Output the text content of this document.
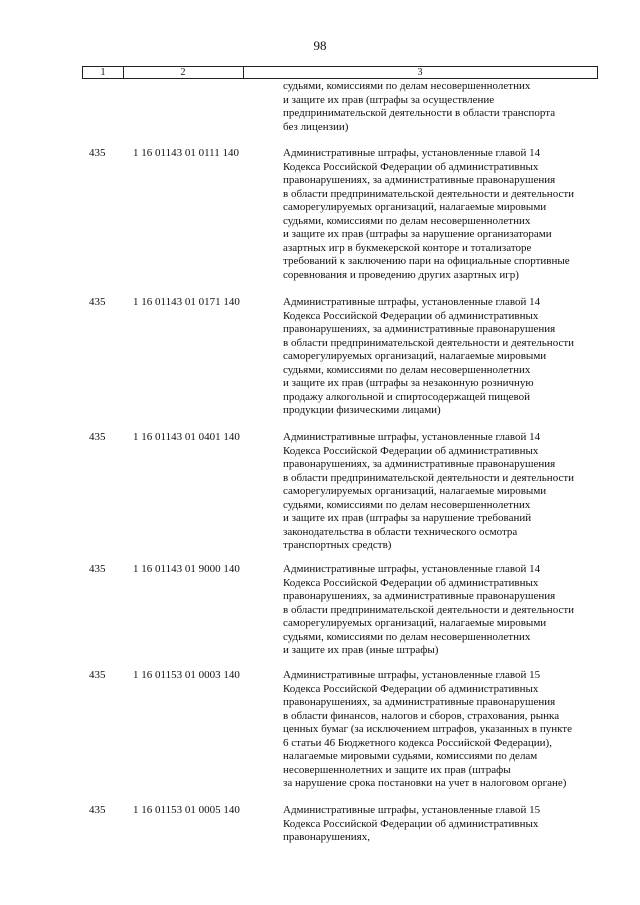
98
1	2	3
судьями, комиссиями по делам несовершеннолетних
и защите их прав (штрафы за осуществление
предпринимательской деятельности в области транспорта
без лицензии)
435	1 16 01143 01 0111 140	Административные штрафы, установленные главой 14
Кодекса Российской Федерации об административных
правонарушениях, за административные правонарушения
в области предпринимательской деятельности и деятельности
саморегулируемых организаций, налагаемые мировыми
судьями, комиссиями по делам несовершеннолетних
и защите их прав (штрафы за нарушение организаторами
азартных игр в букмекерской конторе и тотализаторе
требований к заключению пари на официальные спортивные
соревнования и проведению других азартных игр)
435	1 16 01143 01 0171 140	Административные штрафы, установленные главой 14
Кодекса Российской Федерации об административных
правонарушениях, за административные правонарушения
в области предпринимательской деятельности и деятельности
саморегулируемых организаций, налагаемые мировыми
судьями, комиссиями по делам несовершеннолетних
и защите их прав (штрафы за незаконную розничную
продажу алкогольной и спиртосодержащей пищевой
продукции физическими лицами)
435	1 16 01143 01 0401 140	Административные штрафы, установленные главой 14
Кодекса Российской Федерации об административных
правонарушениях, за административные правонарушения
в области предпринимательской деятельности и деятельности
саморегулируемых организаций, налагаемые мировыми
судьями, комиссиями по делам несовершеннолетних
и защите их прав (штрафы за нарушение требований
законодательства в области технического осмотра
транспортных средств)
435	1 16 01143 01 9000 140	Административные штрафы, установленные главой 14
Кодекса Российской Федерации об административных
правонарушениях, за административные правонарушения
в области предпринимательской деятельности и деятельности
саморегулируемых организаций, налагаемые мировыми
судьями, комиссиями по делам несовершеннолетних
и защите их прав (иные штрафы)
435	1 16 01153 01 0003 140	Административные штрафы, установленные главой 15
Кодекса Российской Федерации об административных
правонарушениях, за административные правонарушения
в области финансов, налогов и сборов, страхования, рынка
ценных бумаг (за исключением штрафов, указанных в пункте
6 статьи 46 Бюджетного кодекса Российской Федерации),
налагаемые мировыми судьями, комиссиями по делам
несовершеннолетних и защите их прав (штрафы
за нарушение срока постановки на учет в налоговом органе)
435	1 16 01153 01 0005 140	Административные штрафы, установленные главой 15
Кодекса Российской Федерации об административных
правонарушениях,
